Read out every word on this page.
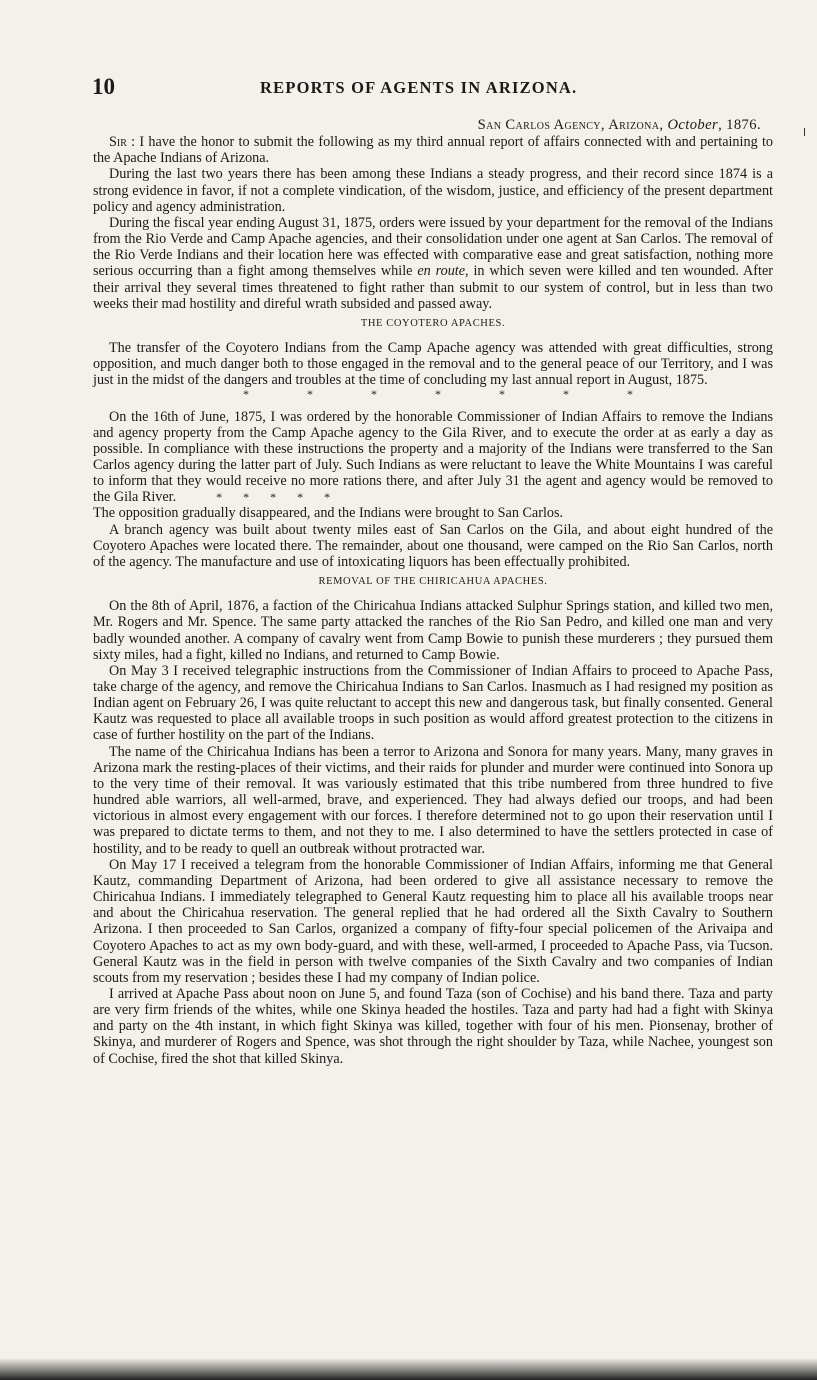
10	REPORTS OF AGENTS IN ARIZONA.
San Carlos Agency, Arizona, October, 1876.

Sir : I have the honor to submit the following as my third annual report of affairs connected with and pertaining to the Apache Indians of Arizona.

During the last two years there has been among these Indians a steady progress, and their record since 1874 is a strong evidence in favor, if not a complete vindication, of the wisdom, justice, and efficiency of the present department policy and agency administration.

During the fiscal year ending August 31, 1875, orders were issued by your department for the removal of the Indians from the Rio Verde and Camp Apache agencies, and their consolidation under one agent at San Carlos. The removal of the Rio Verde Indians and their location here was effected with comparative ease and great satisfaction, nothing more serious occurring than a fight among themselves while en route, in which seven were killed and ten wounded. After their arrival they several times threatened to fight rather than submit to our system of control, but in less than two weeks their mad hostility and direful wrath subsided and passed away.

THE COYOTERO APACHES.

The transfer of the Coyotero Indians from the Camp Apache agency was attended with great difficulties, strong opposition, and much danger both to those engaged in the removal and to the general peace of our Territory, and I was just in the midst of the dangers and troubles at the time of concluding my last annual report in August, 1875.

* * * * * * *

On the 16th of June, 1875, I was ordered by the honorable Commissioner of Indian Affairs to remove the Indians and agency property from the Camp Apache agency to the Gila River, and to execute the order at as early a day as possible. In compliance with these instructions the property and a majority of the Indians were transferred to the San Carlos agency during the latter part of July. Such Indians as were reluctant to leave the White Mountains I was careful to inform that they would receive no more rations there, and after July 31 the agent and agency would be removed to the Gila River.	* * * * *

The opposition gradually disappeared, and the Indians were brought to San Carlos.

A branch agency was built about twenty miles east of San Carlos on the Gila, and about eight hundred of the Coyotero Apaches were located there. The remainder, about one thousand, were camped on the Rio San Carlos, north of the agency. The manufacture and use of intoxicating liquors has been effectually prohibited.

REMOVAL OF THE CHIRICAHUA APACHES.

On the 8th of April, 1876, a faction of the Chiricahua Indians attacked Sulphur Springs station, and killed two men, Mr. Rogers and Mr. Spence. The same party attacked the ranches of the Rio San Pedro, and killed one man and very badly wounded another. A company of cavalry went from Camp Bowie to punish these murderers ; they pursued them sixty miles, had a fight, killed no Indians, and returned to Camp Bowie.

On May 3 I received telegraphic instructions from the Commissioner of Indian Affairs to proceed to Apache Pass, take charge of the agency, and remove the Chiricahua Indians to San Carlos. Inasmuch as I had resigned my position as Indian agent on February 26, I was quite reluctant to accept this new and dangerous task, but finally consented. General Kautz was requested to place all available troops in such position as would afford greatest protection to the citizens in case of further hostility on the part of the Indians.

The name of the Chiricahua Indians has been a terror to Arizona and Sonora for many years. Many, many graves in Arizona mark the resting-places of their victims, and their raids for plunder and murder were continued into Sonora up to the very time of their removal. It was variously estimated that this tribe numbered from three hundred to five hundred able warriors, all well-armed, brave, and experienced. They had always defied our troops, and had been victorious in almost every engagement with our forces. I therefore determined not to go upon their reservation until I was prepared to dictate terms to them, and not they to me. I also determined to have the settlers protected in case of hostility, and to be ready to quell an outbreak without protracted war.

On May 17 I received a telegram from the honorable Commissioner of Indian Affairs, informing me that General Kautz, commanding Department of Arizona, had been ordered to give all assistance necessary to remove the Chiricahua Indians. I immediately telegraphed to General Kautz requesting him to place all his available troops near and about the Chiricahua reservation. The general replied that he had ordered all the Sixth Cavalry to Southern Arizona. I then proceeded to San Carlos, organized a company of fifty-four special policemen of the Arivaipa and Coyotero Apaches to act as my own body-guard, and with these, well-armed, I proceeded to Apache Pass, via Tucson. General Kautz was in the field in person with twelve companies of the Sixth Cavalry and two companies of Indian scouts from my reservation ; besides these I had my company of Indian police.

I arrived at Apache Pass about noon on June 5, and found Taza (son of Cochise) and his band there. Taza and party are very firm friends of the whites, while one Skinya headed the hostiles. Taza and party had had a fight with Skinya and party on the 4th instant, in which fight Skinya was killed, together with four of his men. Pionsenay, brother of Skinya, and murderer of Rogers and Spence, was shot through the right shoulder by Taza, while Nachee, youngest son of Cochise, fired the shot that killed Skinya.
